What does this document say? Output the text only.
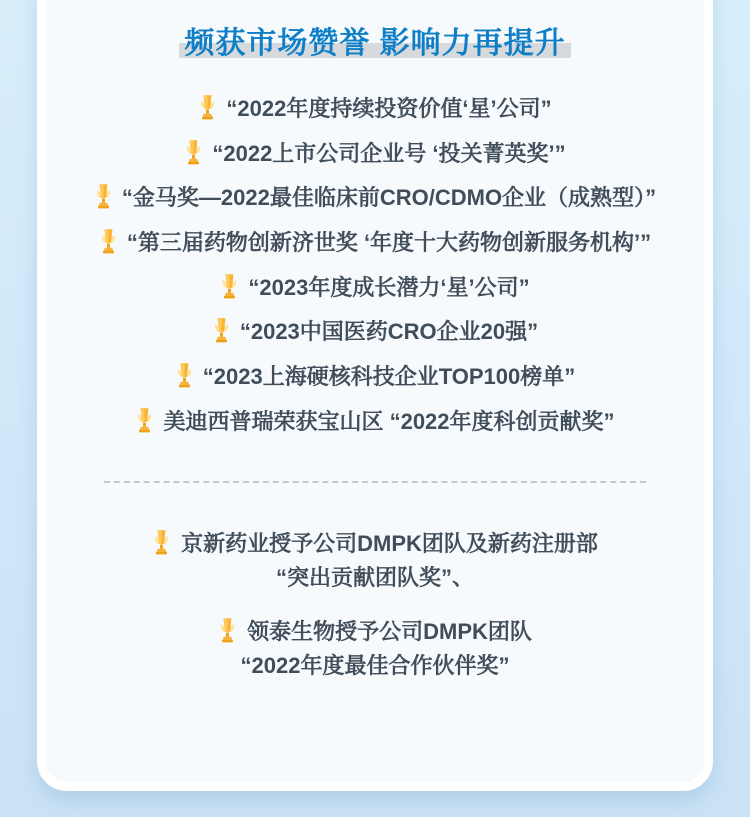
频获市场赞誉 影响力再提升
“2022年度持续投资价值‘星’公司”
“2022上市公司企业号 ‘投关菁英奖’”
“金马奖—2022最佳临床前CRO/CDMO企业（成熟型）”
“第三届药物创新济世奖 ‘年度十大药物创新服务机构’”
“2023年度成长潜力‘星’公司”
“2023中国医药CRO企业20强”
“2023上海硬核科技企业TOP100榜单”
美迪西普瑞荣获宝山区 “2022年度科创贡献奖”
京新药业授予公司DMPK团队及新药注册部
“突出贡献团队奖”、
领泰生物授予公司DMPK团队
“2022年度最佳合作伙伴奖”
